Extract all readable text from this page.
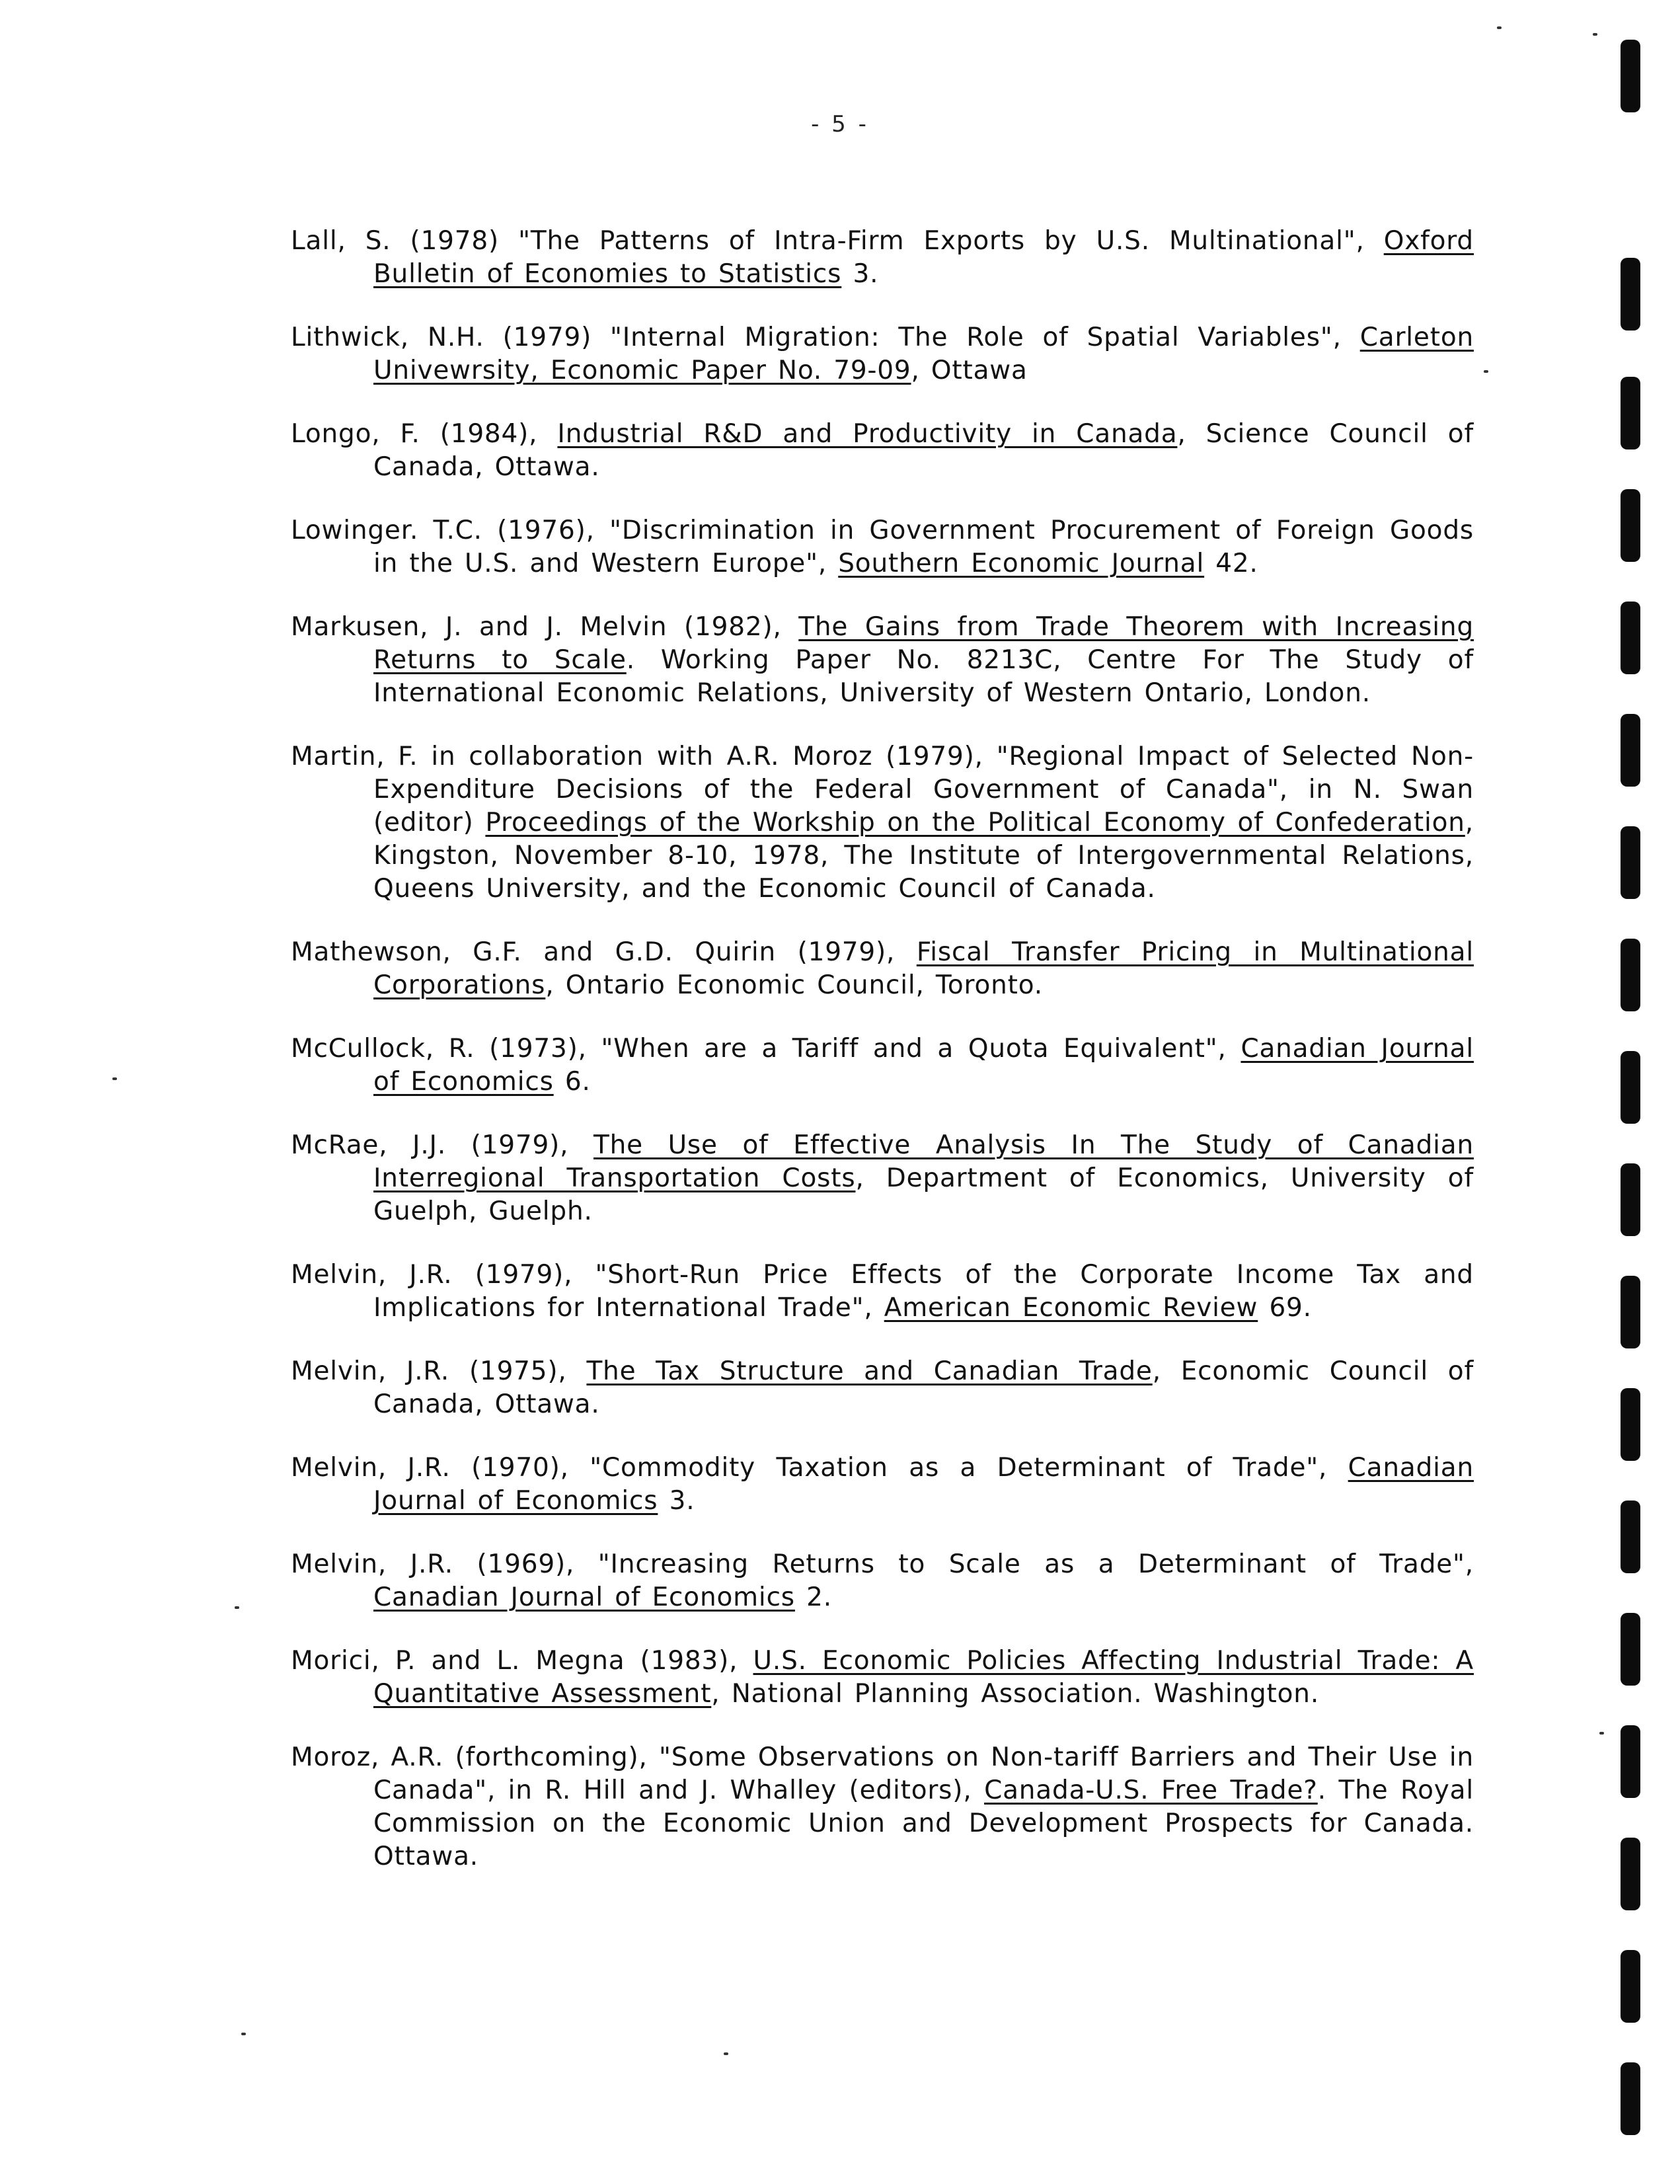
- 5 -

Lall, S. (1978) "The Patterns of Intra-Firm Exports by U.S. Multinational", Oxford Bulletin of Economies to Statistics 3.

Lithwick, N.H. (1979) "Internal Migration: The Role of Spatial Variables", Carleton Univewrsity, Economic Paper No. 79-09, Ottawa

Longo, F. (1984), Industrial R&D and Productivity in Canada, Science Council of Canada, Ottawa.

Lowinger. T.C. (1976), "Discrimination in Government Procurement of Foreign Goods in the U.S. and Western Europe", Southern Economic Journal 42.

Markusen, J. and J. Melvin (1982), The Gains from Trade Theorem with Increasing Returns to Scale. Working Paper No. 8213C, Centre For The Study of International Economic Relations, University of Western Ontario, London.

Martin, F. in collaboration with A.R. Moroz (1979), "Regional Impact of Selected Non-Expenditure Decisions of the Federal Government of Canada", in N. Swan (editor) Proceedings of the Workship on the Political Economy of Confederation, Kingston, November 8-10, 1978, The Institute of Intergovernmental Relations, Queens University, and the Economic Council of Canada.

Mathewson, G.F. and G.D. Quirin (1979), Fiscal Transfer Pricing in Multinational Corporations, Ontario Economic Council, Toronto.

McCullock, R. (1973), "When are a Tariff and a Quota Equivalent", Canadian Journal of Economics 6.

McRae, J.J. (1979), The Use of Effective Analysis In The Study of Canadian Interregional Transportation Costs, Department of Economics, University of Guelph, Guelph.

Melvin, J.R. (1979), "Short-Run Price Effects of the Corporate Income Tax and Implications for International Trade", American Economic Review 69.

Melvin, J.R. (1975), The Tax Structure and Canadian Trade, Economic Council of Canada, Ottawa.

Melvin, J.R. (1970), "Commodity Taxation as a Determinant of Trade", Canadian Journal of Economics 3.

Melvin, J.R. (1969), "Increasing Returns to Scale as a Determinant of Trade", Canadian Journal of Economics 2.

Morici, P. and L. Megna (1983), U.S. Economic Policies Affecting Industrial Trade: A Quantitative Assessment, National Planning Association. Washington.

Moroz, A.R. (forthcoming), "Some Observations on Non-tariff Barriers and Their Use in Canada", in R. Hill and J. Whalley (editors), Canada-U.S. Free Trade?. The Royal Commission on the Economic Union and Development Prospects for Canada. Ottawa.
